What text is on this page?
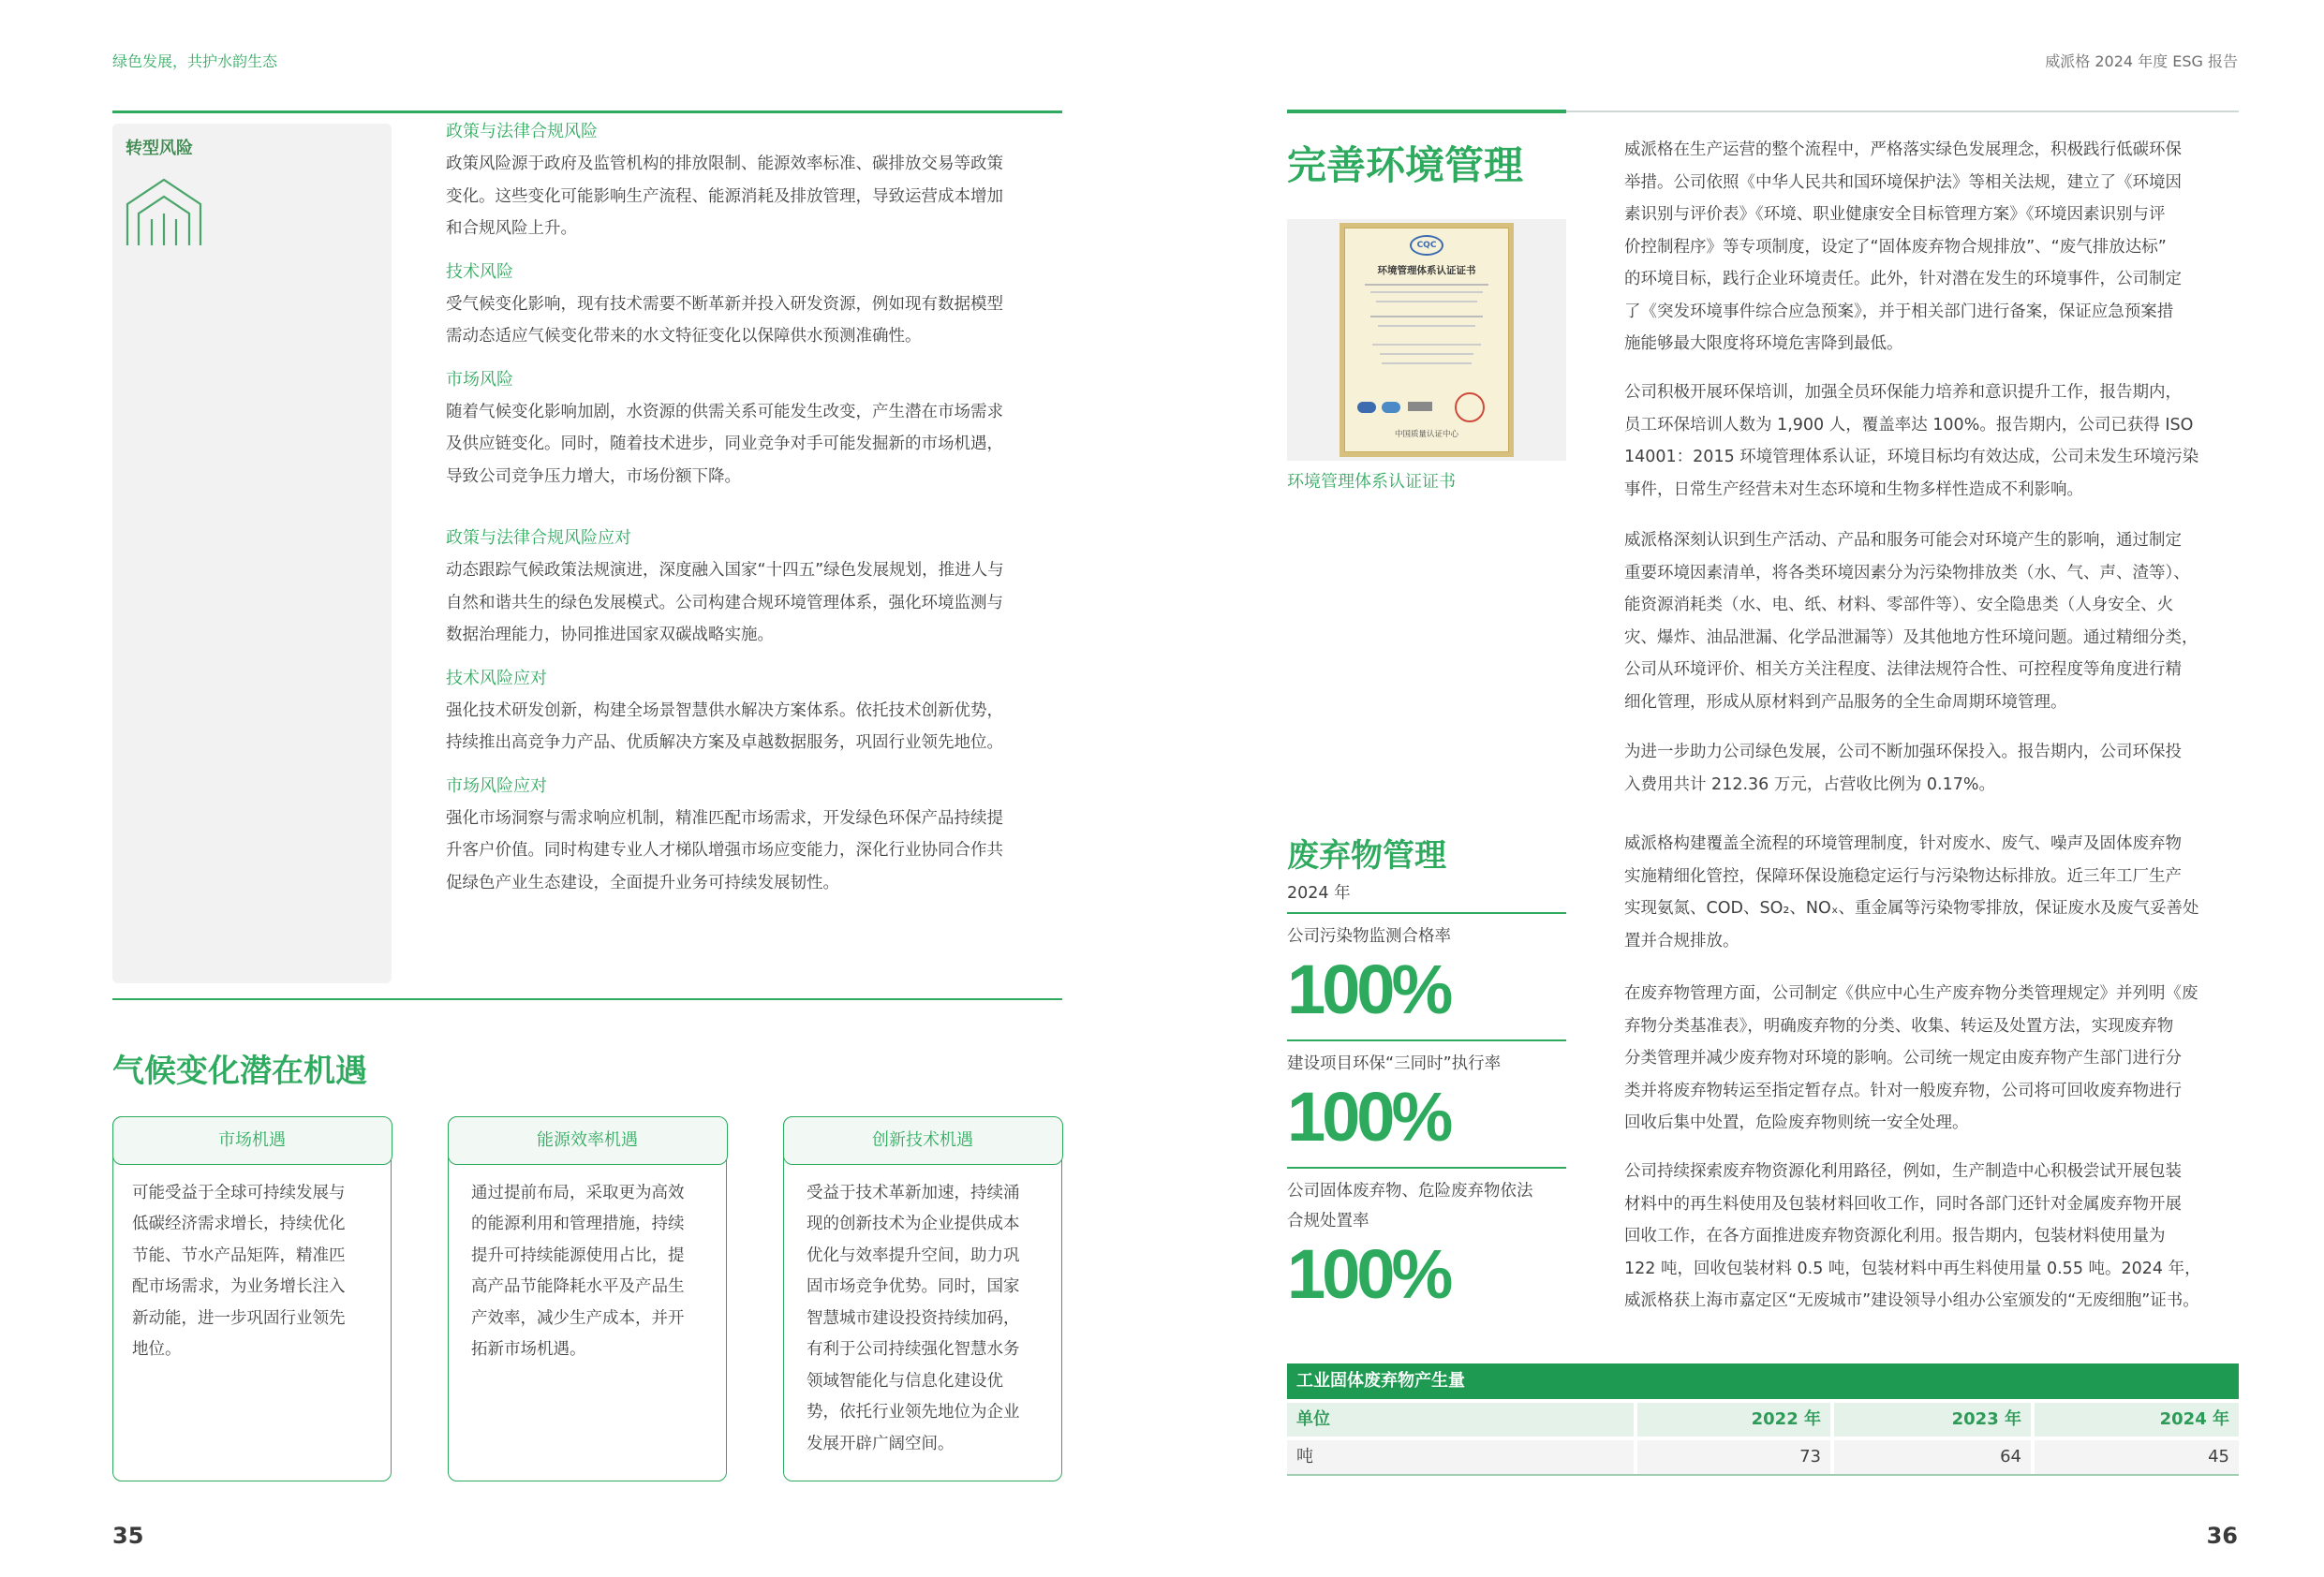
绿色发展，共护水韵生态	威派格 2024 年度 ESG 报告
转型风险
政策与法律合规风险
政策风险源于政府及监管机构的排放限制、能源效率标准、碳排放交易等政策
变化。这些变化可能影响生产流程、能源消耗及排放管理，导致运营成本增加
和合规风险上升。
技术风险
受气候变化影响，现有技术需要不断革新并投入研发资源，例如现有数据模型
需动态适应气候变化带来的水文特征变化以保障供水预测准确性。
市场风险
随着气候变化影响加剧，水资源的供需关系可能发生改变，产生潜在市场需求
及供应链变化。同时，随着技术进步，同业竞争对手可能发掘新的市场机遇，
导致公司竞争压力增大，市场份额下降。
政策与法律合规风险应对
动态跟踪气候政策法规演进，深度融入国家“十四五”绿色发展规划，推进人与
自然和谐共生的绿色发展模式。公司构建合规环境管理体系，强化环境监测与
数据治理能力，协同推进国家双碳战略实施。
技术风险应对
强化技术研发创新，构建全场景智慧供水解决方案体系。依托技术创新优势，
持续推出高竞争力产品、优质解决方案及卓越数据服务，巩固行业领先地位。
市场风险应对
强化市场洞察与需求响应机制，精准匹配市场需求，开发绿色环保产品持续提
升客户价值。同时构建专业人才梯队增强市场应变能力，深化行业协同合作共
促绿色产业生态建设，全面提升业务可持续发展韧性。
气候变化潜在机遇
市场机遇
可能受益于全球可持续发展与
低碳经济需求增长，持续优化
节能、节水产品矩阵，精准匹
配市场需求，为业务增长注入
新动能，进一步巩固行业领先
地位。
能源效率机遇
通过提前布局，采取更为高效
的能源利用和管理措施，持续
提升可持续能源使用占比，提
高产品节能降耗水平及产品生
产效率，减少生产成本，并开
拓新市场机遇。
创新技术机遇
受益于技术革新加速，持续涌
现的创新技术为企业提供成本
优化与效率提升空间，助力巩
固市场竞争优势。同时，国家
智慧城市建设投资持续加码，
有利于公司持续强化智慧水务
领域智能化与信息化建设优
势，依托行业领先地位为企业
发展开辟广阔空间。
35
完善环境管理
CQC
环境管理体系认证证书
中国质量认证中心
环境管理体系认证证书
威派格在生产运营的整个流程中，严格落实绿色发展理念，积极践行低碳环保
举措。公司依照《中华人民共和国环境保护法》等相关法规，建立了《环境因
素识别与评价表》《环境、职业健康安全目标管理方案》《环境因素识别与评
价控制程序》等专项制度，设定了“固体废弃物合规排放”、“废气排放达标”
的环境目标，践行企业环境责任。此外，针对潜在发生的环境事件，公司制定
了《突发环境事件综合应急预案》，并于相关部门进行备案，保证应急预案措
施能够最大限度将环境危害降到最低。
公司积极开展环保培训，加强全员环保能力培养和意识提升工作，报告期内，
员工环保培训人数为 1,900 人，覆盖率达 100%。报告期内，公司已获得 ISO
14001：2015 环境管理体系认证，环境目标均有效达成，公司未发生环境污染
事件，日常生产经营未对生态环境和生物多样性造成不利影响。
威派格深刻认识到生产活动、产品和服务可能会对环境产生的影响，通过制定
重要环境因素清单，将各类环境因素分为污染物排放类（水、气、声、渣等）、
能资源消耗类（水、电、纸、材料、零部件等）、安全隐患类（人身安全、火
灾、爆炸、油品泄漏、化学品泄漏等）及其他地方性环境问题。通过精细分类，
公司从环境评价、相关方关注程度、法律法规符合性、可控程度等角度进行精
细化管理，形成从原材料到产品服务的全生命周期环境管理。
为进一步助力公司绿色发展，公司不断加强环保投入。报告期内，公司环保投
入费用共计 212.36 万元，占营收比例为 0.17%。
废弃物管理
2024 年
公司污染物监测合格率
100%
建设项目环保“三同时”执行率
100%
公司固体废弃物、危险废弃物依法
合规处置率
100%
威派格构建覆盖全流程的环境管理制度，针对废水、废气、噪声及固体废弃物
实施精细化管控，保障环保设施稳定运行与污染物达标排放。近三年工厂生产
实现氨氮、COD、SO₂、NOₓ、重金属等污染物零排放，保证废水及废气妥善处
置并合规排放。
在废弃物管理方面，公司制定《供应中心生产废弃物分类管理规定》并列明《废
弃物分类基准表》，明确废弃物的分类、收集、转运及处置方法，实现废弃物
分类管理并减少废弃物对环境的影响。公司统一规定由废弃物产生部门进行分
类并将废弃物转运至指定暂存点。针对一般废弃物，公司将可回收废弃物进行
回收后集中处置，危险废弃物则统一安全处理。
公司持续探索废弃物资源化利用路径，例如，生产制造中心积极尝试开展包装
材料中的再生料使用及包装材料回收工作，同时各部门还针对金属废弃物开展
回收工作，在各方面推进废弃物资源化利用。报告期内，包装材料使用量为
122 吨，回收包装材料 0.5 吨，包装材料中再生料使用量 0.55 吨。2024 年，
威派格获上海市嘉定区“无废城市”建设领导小组办公室颁发的“无废细胞”证书。
工业固体废弃物产生量
单位	2022 年	2023 年	2024 年
吨	73	64	45
36
